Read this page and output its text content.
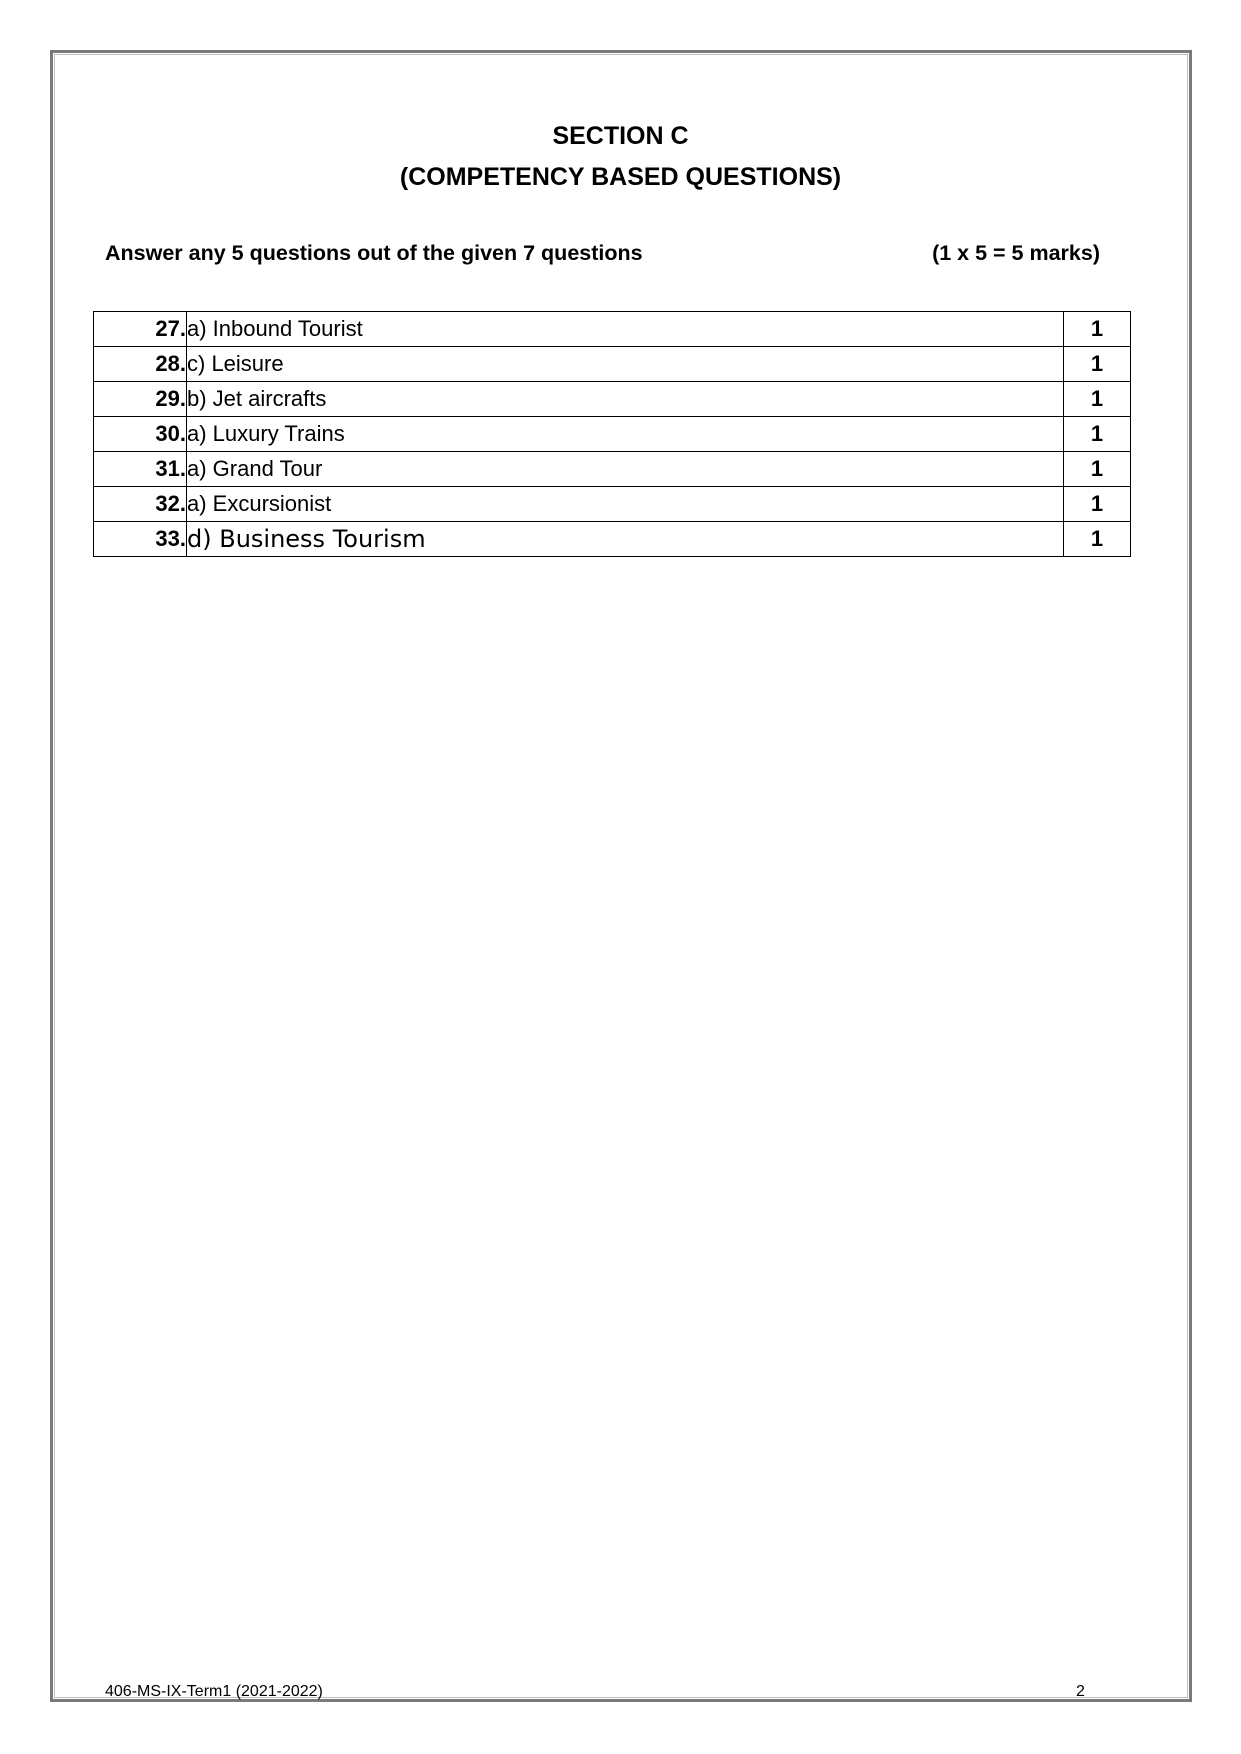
SECTION C
(COMPETENCY BASED QUESTIONS)
Answer any 5 questions out of the given 7 questions	(1 x 5 = 5 marks)
27.	a) Inbound Tourist	1
28.	c) Leisure	1
29.	b) Jet aircrafts	1
30.	a) Luxury Trains	1
31.	a) Grand Tour	1
32.	a) Excursionist	1
33.	d) Business Tourism	1
406-MS-IX-Term1 (2021-2022)	2
